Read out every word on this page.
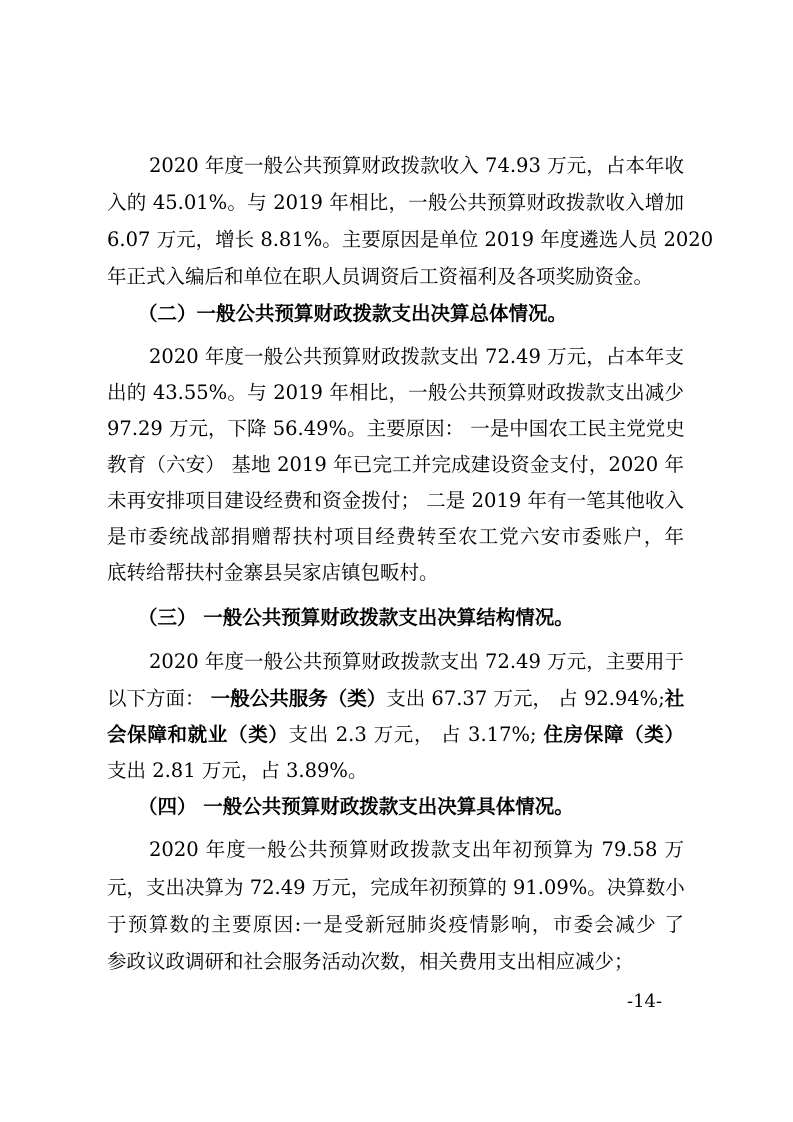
2020 年度一般公共预算财政拨款收入 74.93 万元，占本年收
入的 45.01%。与 2019 年相比，一般公共预算财政拨款收入增加
6.07 万元，增长 8.81%。主要原因是单位 2019 年度遴选人员 2020
年正式入编后和单位在职人员调资后工资福利及各项奖励资金。
（二）一般公共预算财政拨款支出决算总体情况。
2020 年度一般公共预算财政拨款支出 72.49 万元，占本年支
出的 43.55%。与 2019 年相比，一般公共预算财政拨款支出减少
97.29 万元，下降 56.49%。主要原因： 一是中国农工民主党党史
教育（六安） 基地 2019 年已完工并完成建设资金支付，2020 年
未再安排项目建设经费和资金拨付； 二是 2019 年有一笔其他收入
是市委统战部捐赠帮扶村项目经费转至农工党六安市委账户，年
底转给帮扶村金寨县吴家店镇包畈村。
（三） 一般公共预算财政拨款支出决算结构情况。
2020 年度一般公共预算财政拨款支出 72.49 万元，主要用于
以下方面： 一般公共服务（类）支出 67.37 万元， 占 92.94%;社
会保障和就业（类）支出 2.3 万元， 占 3.17%; 住房保障（类）
支出 2.81 万元，占 3.89%。
（四） 一般公共预算财政拨款支出决算具体情况。
2020 年度一般公共预算财政拨款支出年初预算为 79.58 万
元，支出决算为 72.49 万元，完成年初预算的 91.09%。决算数小
于预算数的主要原因:一是受新冠肺炎疫情影响，市委会减少 了
参政议政调研和社会服务活动次数，相关费用支出相应减少；
-14-
